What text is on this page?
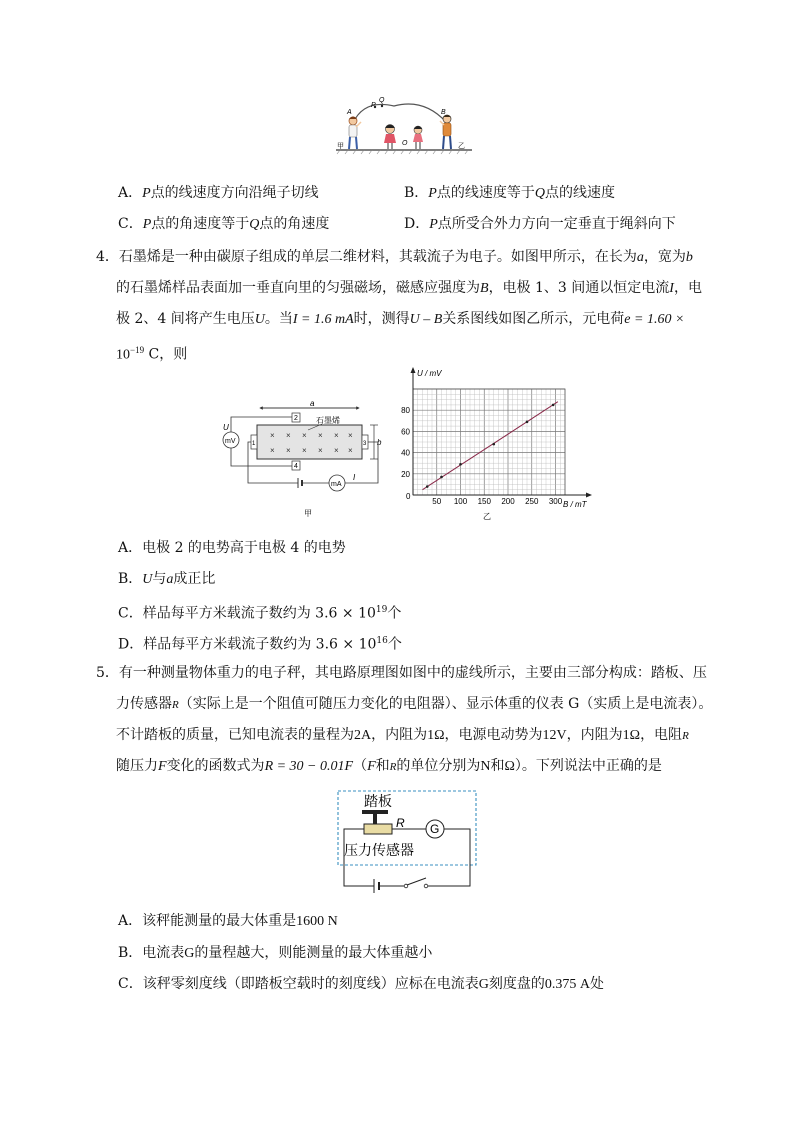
A
P
Q
B
O
甲	乙
A．P点的线速度方向沿绳子切线	B．P点的线速度等于Q点的线速度
C．P点的角速度等于Q点的角速度	D．P点所受合外力方向一定垂直于绳斜向下
4．石墨烯是一种由碳原子组成的单层二维材料，其载流子为电子。如图甲所示，在长为a，宽为b
的石墨烯样品表面加一垂直向里的匀强磁场，磁感应强度为B，电极 1、3 间通以恒定电流I，电
极 2、4 间将产生电压U。当I = 1.6 mA时，测得U – B关系图线如图乙所示，元电荷e = 1.60 ×
$10^{-19}$ C，则
× × × × × ×
× × × × × ×
a
b
石墨烯
2
4
1	3
mV
U
mA
I
甲
50 100 150 200 250 300
20
40
60
80
U / mV
B / mT
0
乙
A．电极 2 的电势高于电极 4 的电势
B．U与a成正比
C．样品每平方米载流子数约为 $3.6 \times 10^{19}$个
D．样品每平方米载流子数约为 $3.6 \times 10^{16}$个
5．有一种测量物体重力的电子秤，其电路原理图如图中的虚线所示，主要由三部分构成：踏板、压
力传感器R（实际上是一个阻值可随压力变化的电阻器）、显示体重的仪表 G（实质上是电流表）。
不计踏板的质量，已知电流表的量程为2A，内阻为1Ω，电源电动势为12V，内阻为1Ω，电阻R
随压力F变化的函数式为R = 30 − 0.01F（F和R的单位分别为N和Ω）。下列说法中正确的是
踏板
R G
压力传感器
A．该秤能测量的最大体重是1600 N
B．电流表G的量程越大，则能测量的最大体重越小
C．该秤零刻度线（即踏板空载时的刻度线）应标在电流表G刻度盘的0.375 A处
